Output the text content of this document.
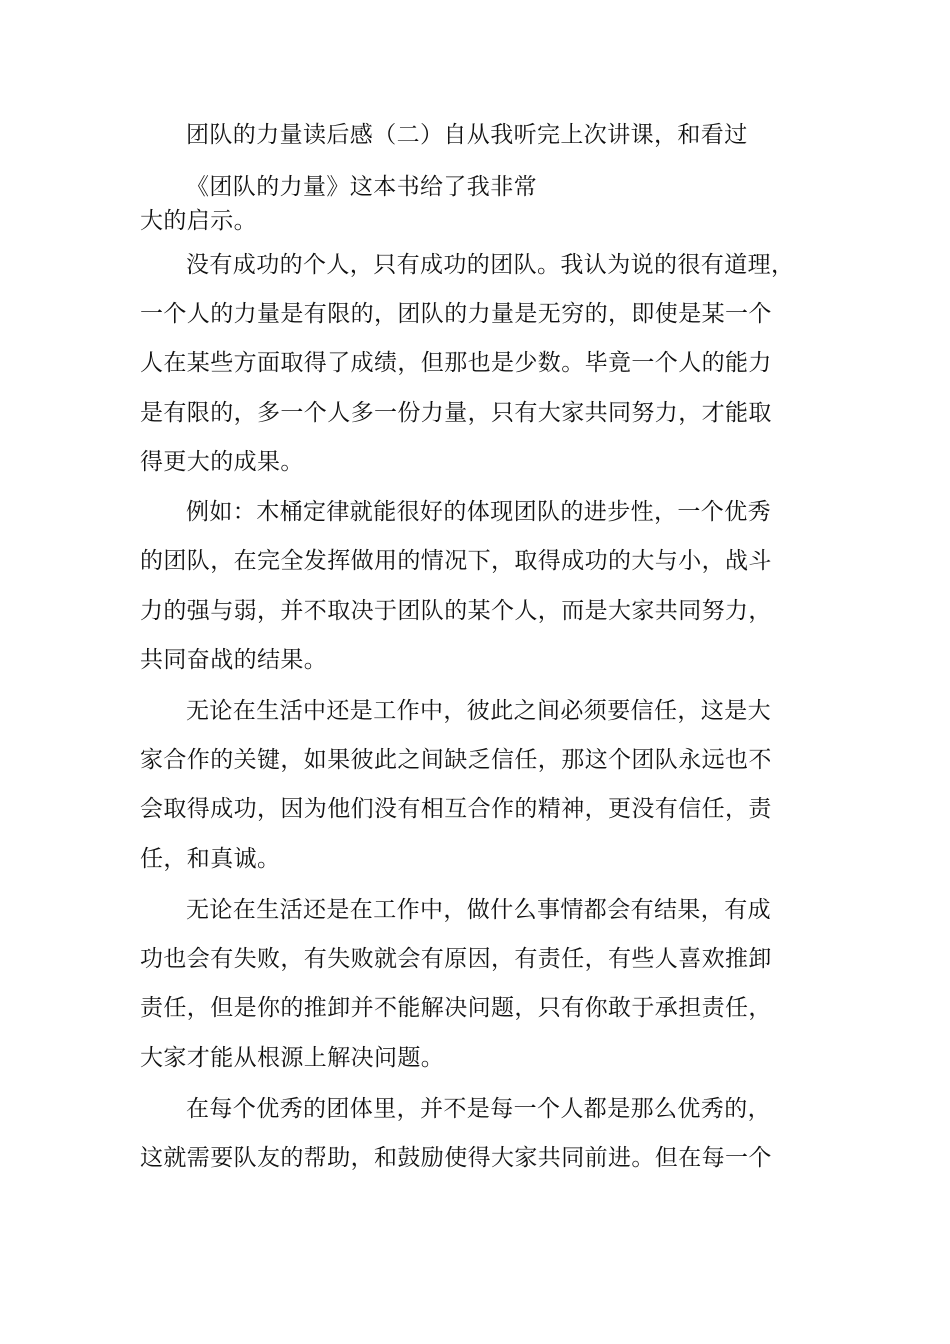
团队的力量读后感（二）自从我听完上次讲课，和看过
《团队的力量》这本书给了我非常
大的启示。
没有成功的个人，只有成功的团队。我认为说的很有道理，
一个人的力量是有限的，团队的力量是无穷的，即使是某一个
人在某些方面取得了成绩，但那也是少数。毕竟一个人的能力
是有限的，多一个人多一份力量，只有大家共同努力，才能取
得更大的成果。
例如：木桶定律就能很好的体现团队的进步性，一个优秀
的团队，在完全发挥做用的情况下，取得成功的大与小，战斗
力的强与弱，并不取决于团队的某个人，而是大家共同努力，
共同奋战的结果。
无论在生活中还是工作中，彼此之间必须要信任，这是大
家合作的关键，如果彼此之间缺乏信任，那这个团队永远也不
会取得成功，因为他们没有相互合作的精神，更没有信任，责
任，和真诚。
无论在生活还是在工作中，做什么事情都会有结果，有成
功也会有失败，有失败就会有原因，有责任，有些人喜欢推卸
责任，但是你的推卸并不能解决问题，只有你敢于承担责任，
大家才能从根源上解决问题。
在每个优秀的团体里，并不是每一个人都是那么优秀的，
这就需要队友的帮助，和鼓励使得大家共同前进。但在每一个
